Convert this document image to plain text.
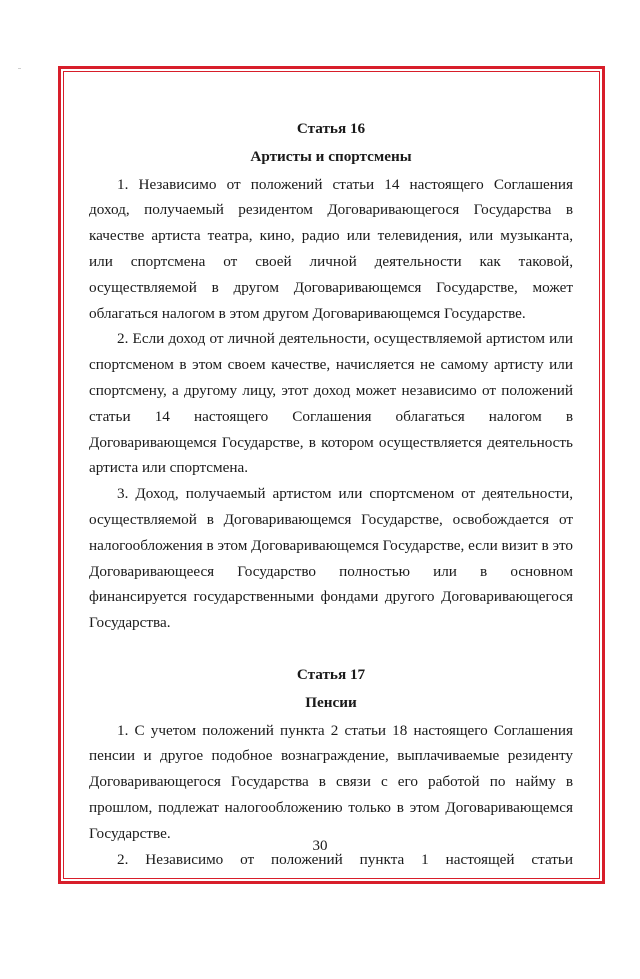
Статья 16

Артисты и спортсмены

1. Независимо от положений статьи 14 настоящего Соглашения доход, получаемый резидентом Договаривающегося Государства в качестве артиста театра, кино, радио или телевидения, или музыканта, или спортсмена от своей личной деятельности как таковой, осуществляемой в другом Договаривающемся Государстве, может облагаться налогом в этом другом Договаривающемся Государстве.

2. Если доход от личной деятельности, осуществляемой артистом или спортсменом в этом своем качестве, начисляется не самому артисту или спортсмену, а другому лицу, этот доход может независимо от положений статьи 14 настоящего Соглашения облагаться налогом в Договаривающемся Государстве, в котором осуществляется деятельность артиста или спортсмена.

3. Доход, получаемый артистом или спортсменом от деятельности, осуществляемой в Договаривающемся Государстве, освобождается от налогообложения в этом Договаривающемся Государстве, если визит в это Договаривающееся Государство полностью или в основном финансируется государственными фондами другого Договаривающегося Государства.

Статья 17

Пенсии

1. С учетом положений пункта 2 статьи 18 настоящего Соглашения пенсии и другое подобное вознаграждение, выплачиваемые резиденту Договаривающегося Государства в связи с его работой по найму в прошлом, подлежат налогообложению только в этом Договаривающемся Государстве.

2. Независимо от положений пункта 1 настоящей статьи

30
